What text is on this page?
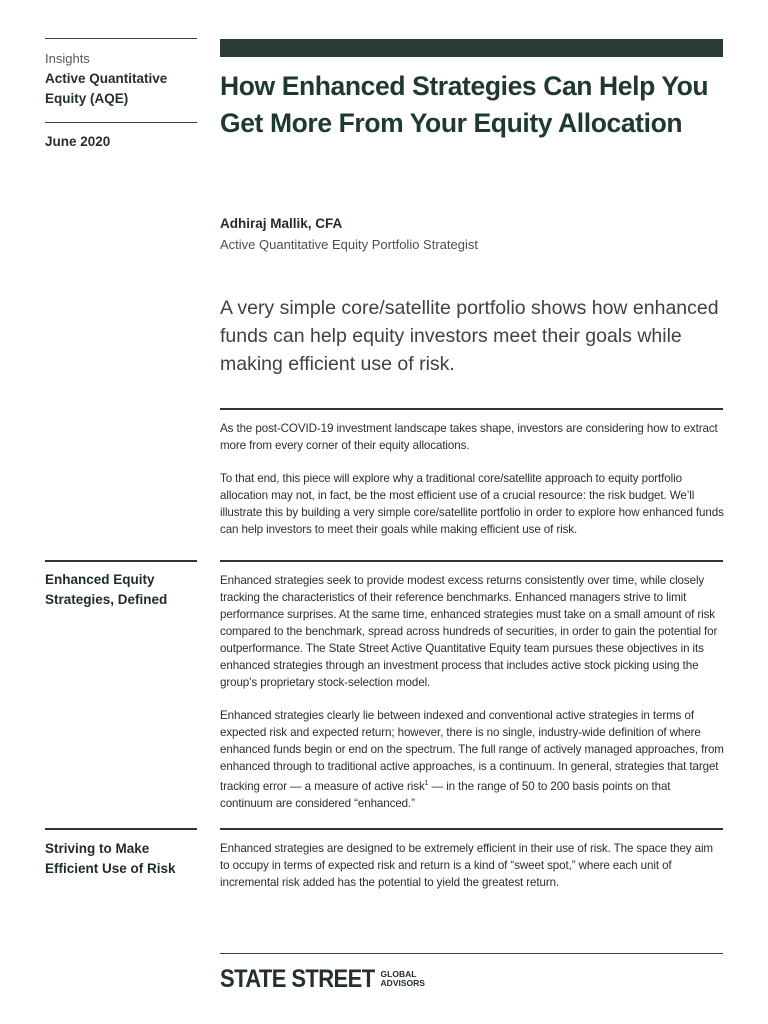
Insights
Active Quantitative Equity (AQE)
June 2020
How Enhanced Strategies Can Help You Get More From Your Equity Allocation
Adhiraj Mallik, CFA
Active Quantitative Equity Portfolio Strategist
A very simple core/satellite portfolio shows how enhanced funds can help equity investors meet their goals while making efficient use of risk.

As the post-COVID-19 investment landscape takes shape, investors are considering how to extract more from every corner of their equity allocations.

To that end, this piece will explore why a traditional core/satellite approach to equity portfolio allocation may not, in fact, be the most efficient use of a crucial resource: the risk budget. We’ll illustrate this by building a very simple core/satellite portfolio in order to explore how enhanced funds can help investors to meet their goals while making efficient use of risk.

Enhanced Equity Strategies, Defined

Enhanced strategies seek to provide modest excess returns consistently over time, while closely tracking the characteristics of their reference benchmarks. Enhanced managers strive to limit performance surprises. At the same time, enhanced strategies must take on a small amount of risk compared to the benchmark, spread across hundreds of securities, in order to gain the potential for outperformance. The State Street Active Quantitative Equity team pursues these objectives in its enhanced strategies through an investment process that includes active stock picking using the group’s proprietary stock-selection model.

Enhanced strategies clearly lie between indexed and conventional active strategies in terms of expected risk and expected return; however, there is no single, industry-wide definition of where enhanced funds begin or end on the spectrum. The full range of actively managed approaches, from enhanced through to traditional active approaches, is a continuum. In general, strategies that target tracking error — a measure of active risk$^1$ — in the range of 50 to 200 basis points on that continuum are considered “enhanced.”

Striving to Make Efficient Use of Risk

Enhanced strategies are designed to be extremely efficient in their use of risk. The space they aim to occupy in terms of expected risk and return is a kind of “sweet spot,” where each unit of incremental risk added has the potential to yield the greatest return.

STATE STREET GLOBAL
ADVISORS
